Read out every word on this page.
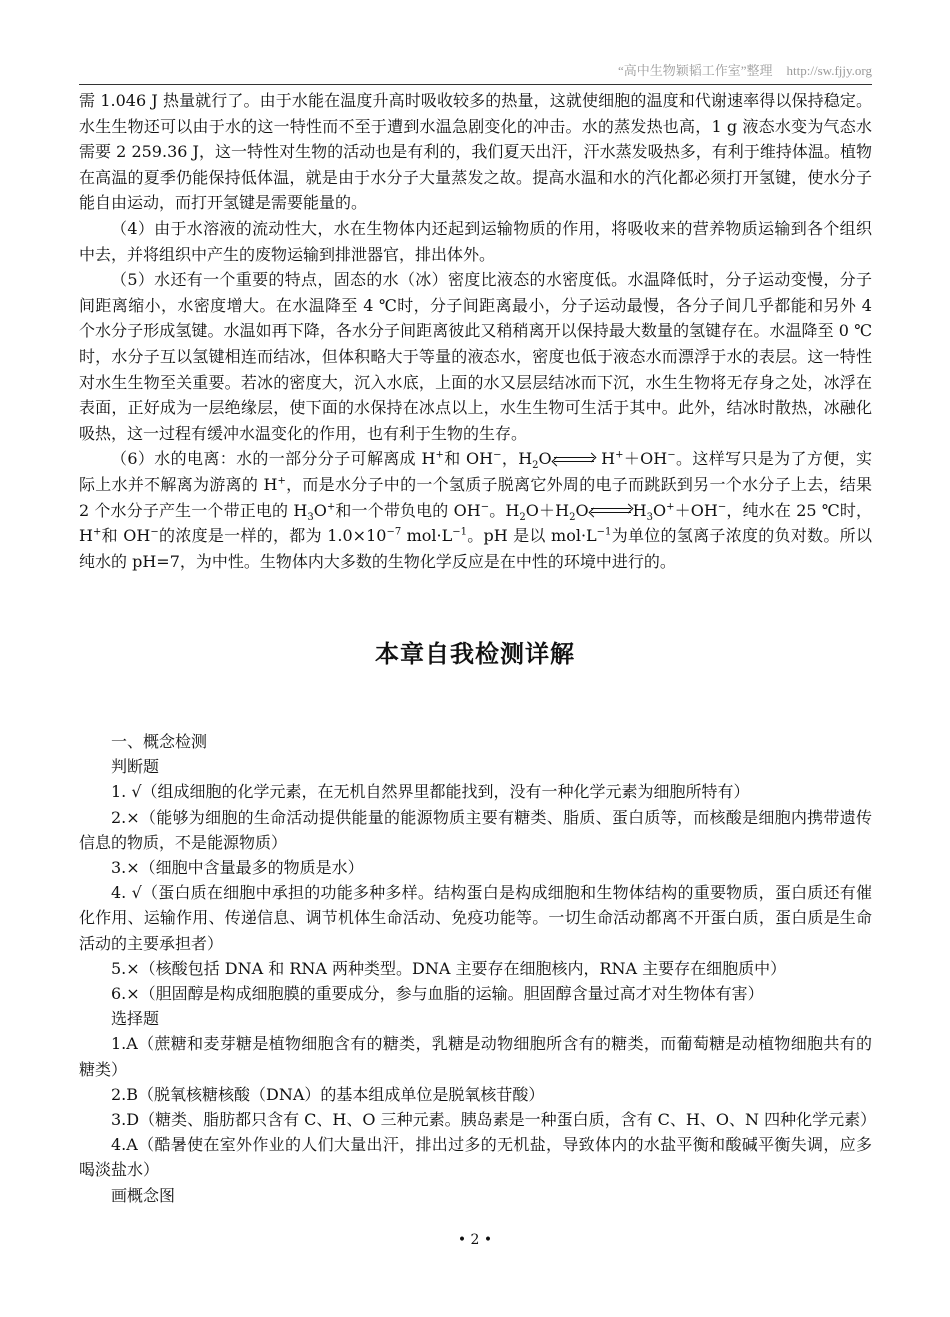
“高中生物颖韬工作室”整理 http://sw.fjjy.org

需 1.046 J 热量就行了。由于水能在温度升高时吸收较多的热量，这就使细胞的温度和代谢速率得以保持稳定。水生生物还可以由于水的这一特性而不至于遭到水温急剧变化的冲击。水的蒸发热也高，1 g 液态水变为气态水需要 2 259.36 J，这一特性对生物的活动也是有利的，我们夏天出汗，汗水蒸发吸热多，有利于维持体温。植物在高温的夏季仍能保持低体温，就是由于水分子大量蒸发之故。提高水温和水的汽化都必须打开氢键，使水分子能自由运动，而打开氢键是需要能量的。

（4）由于水溶液的流动性大，水在生物体内还起到运输物质的作用，将吸收来的营养物质运输到各个组织中去，并将组织中产生的废物运输到排泄器官，排出体外。

（5）水还有一个重要的特点，固态的水（冰）密度比液态的水密度低。水温降低时，分子运动变慢，分子间距离缩小，水密度增大。在水温降至 4 ℃时，分子间距离最小，分子运动最慢，各分子间几乎都能和另外 4 个水分子形成氢键。水温如再下降，各水分子间距离彼此又稍稍离开以保持最大数量的氢键存在。水温降至 0 ℃时，水分子互以氢键相连而结冰，但体积略大于等量的液态水，密度也低于液态水而漂浮于水的表层。这一特性对水生生物至关重要。若冰的密度大，沉入水底，上面的水又层层结冰而下沉，水生生物将无存身之处，冰浮在表面，正好成为一层绝缘层，使下面的水保持在冰点以上，水生生物可生活于其中。此外，结冰时散热，冰融化吸热，这一过程有缓冲水温变化的作用，也有利于生物的生存。

（6）水的电离：水的一部分分子可解离成 H+和 OH−，$H_2O \to H^++OH^-$。这样写只是为了方便，实际上水并不解离为游离的 H+，而是水分子中的一个氢质子脱离它外周的电子而跳跃到另一个水分子上去，结果 2 个水分子产生一个带正电的 $H_3O^+$和一个带负电的 OH−。$H_2O+H_2O \to H_3O^++OH^-$，纯水在 25 ℃时，H+和 OH−的浓度是一样的，都为 $1.0\times 10^{-7}$ $mol\cdot L^{-1}$。pH 是以 $mol\cdot L^{-1}$为单位的氢离子浓度的负对数。所以纯水的 pH=7，为中性。生物体内大多数的生物化学反应是在中性的环境中进行的。

本章自我检测详解

一、概念检测

判断题

1. √（组成细胞的化学元素，在无机自然界里都能找到，没有一种化学元素为细胞所特有）

2.×（能够为细胞的生命活动提供能量的能源物质主要有糖类、脂质、蛋白质等，而核酸是细胞内携带遗传信息的物质，不是能源物质）

3.×（细胞中含量最多的物质是水）

4. √（蛋白质在细胞中承担的功能多种多样。结构蛋白是构成细胞和生物体结构的重要物质，蛋白质还有催化作用、运输作用、传递信息、调节机体生命活动、免疫功能等。一切生命活动都离不开蛋白质，蛋白质是生命活动的主要承担者）

5.×（核酸包括 DNA 和 RNA 两种类型。DNA 主要存在细胞核内，RNA 主要存在细胞质中）

6.×（胆固醇是构成细胞膜的重要成分，参与血脂的运输。胆固醇含量过高才对生物体有害）

选择题

1.A（蔗糖和麦芽糖是植物细胞含有的糖类，乳糖是动物细胞所含有的糖类，而葡萄糖是动植物细胞共有的糖类）

2.B（脱氧核糖核酸（DNA）的基本组成单位是脱氧核苷酸）

3.D（糖类、脂肪都只含有 C、H、O 三种元素。胰岛素是一种蛋白质，含有 C、H、O、N 四种化学元素）

4.A（酷暑使在室外作业的人们大量出汗，排出过多的无机盐，导致体内的水盐平衡和酸碱平衡失调，应多喝淡盐水）

画概念图

• 2 •
